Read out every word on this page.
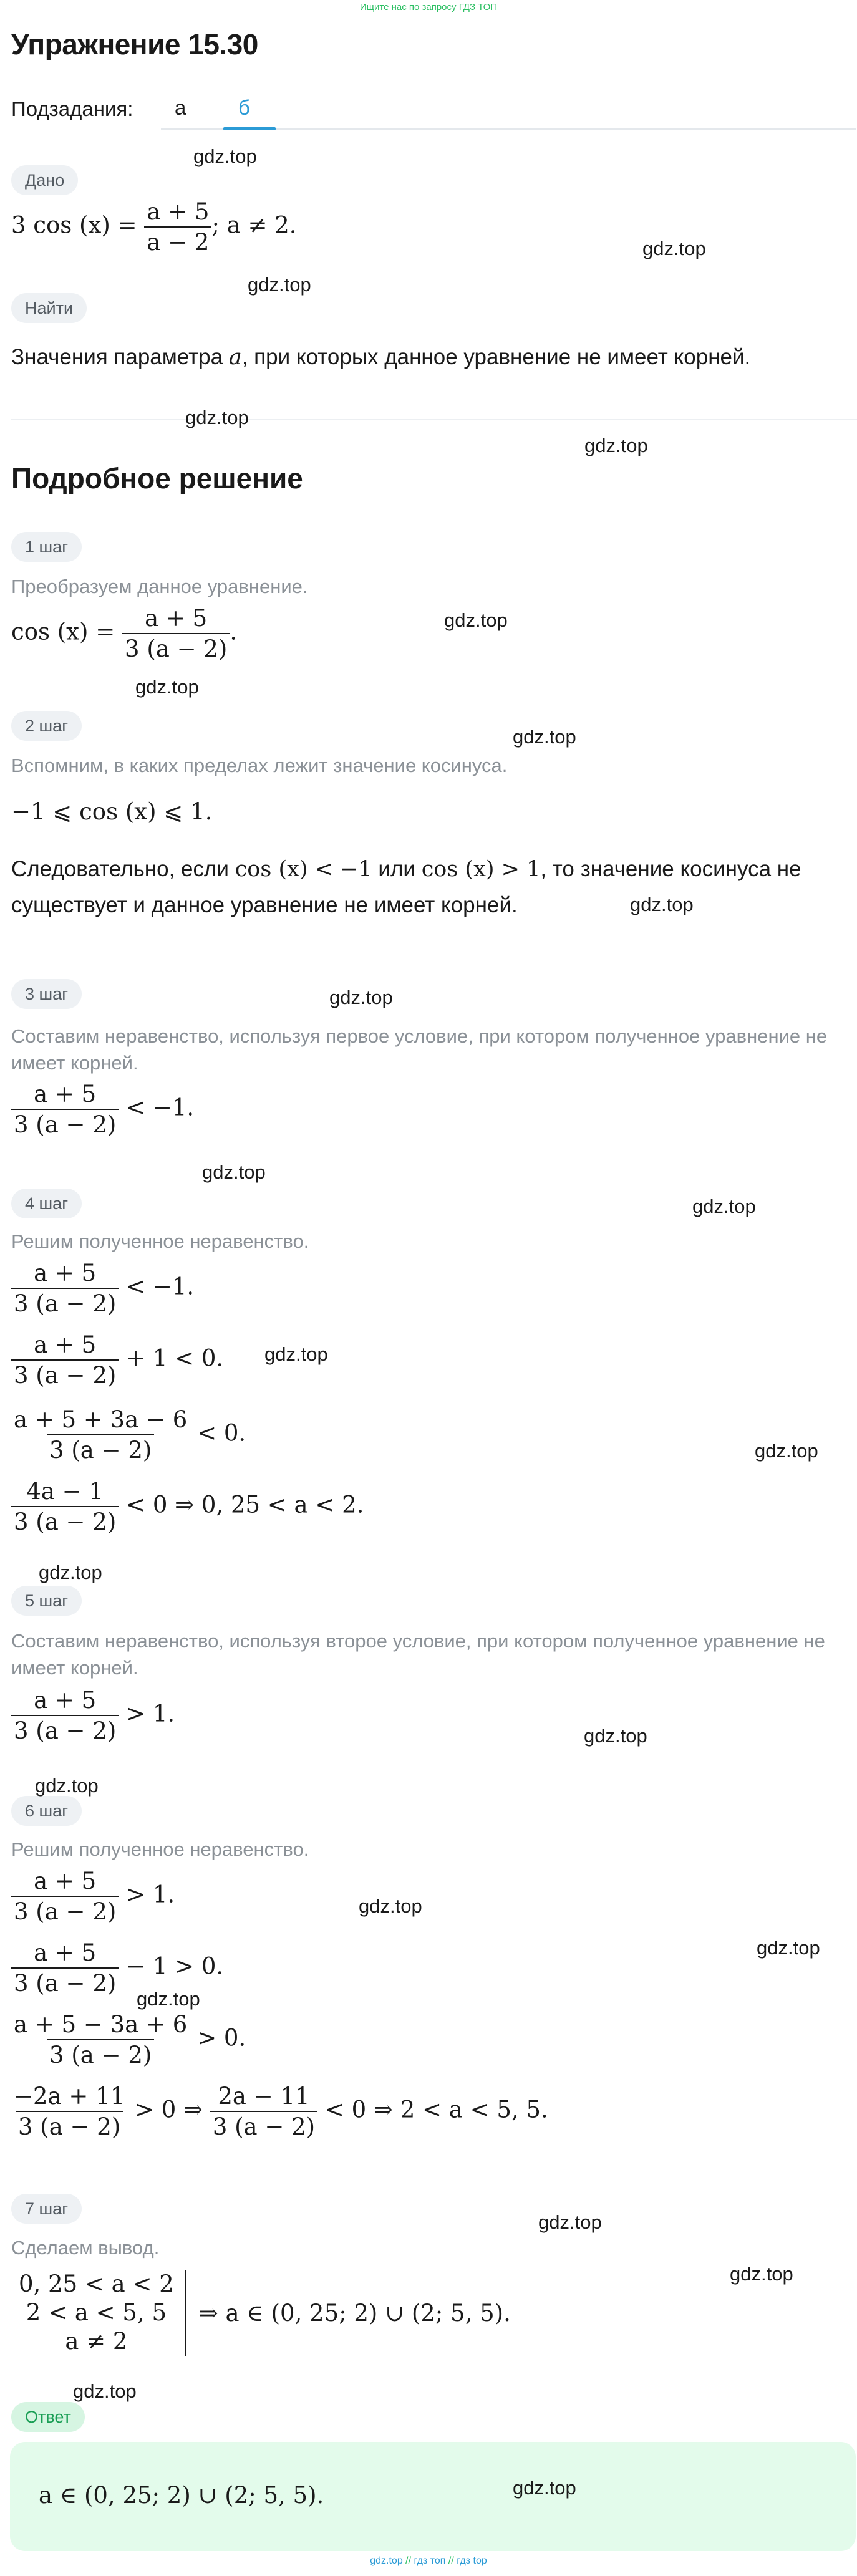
Ищите нас по запросу ГДЗ ТОП
Упражнение 15.30
Подзадания: а	б
Дано
3 $\cos (x) = \frac{a + 5}{a - 2}$ ; a ≠ 2.
Найти
Значения параметра a, при которых данное уравнение не имеет корней.
Подробное решение
1 шаг
Преобразуем данное уравнение.
$\cos (x) = \frac{a + 5}{3 (a - 2)}$ .
2 шаг
Вспомним, в каких пределах лежит значение косинуса.
−1 ⩽ cos (x) ⩽ 1.
Следовательно, если cos (x) < −1 или cos (x) > 1, то значение косинуса не
существует и данное уравнение не имеет корней.
3 шаг
Составим неравенство, используя первое условие, при котором полученное уравнение не имеет корней.
$\frac{a + 5}{3 (a - 2)} < -1$.
4 шаг
Решим полученное неравенство.
$\frac{a + 5}{3 (a - 2)} < -1$.
$\frac{a + 5}{3 (a - 2)} + 1 < 0$.
$\frac{a + 5 + 3a - 6}{3 (a - 2)} < 0$.
$\frac{4a - 1}{3 (a - 2)} < 0$ ⇒ 0, 25 < a < 2.
5 шаг
Составим неравенство, используя второе условие, при котором полученное уравнение не имеет корней.
$\frac{a + 5}{3 (a - 2)} > 1$.
6 шаг
Решим полученное неравенство.
$\frac{a + 5}{3 (a - 2)} > 1$.
$\frac{a + 5}{3 (a - 2)} - 1 > 0$.
$\frac{a + 5 - 3a + 6}{3 (a - 2)} > 0$.
$\frac{-2a + 11}{3 (a - 2)} > 0$ ⇒ $\frac{2a - 11}{3 (a - 2)} < 0$ ⇒ 2 < a < 5, 5.
7 шаг
Сделаем вывод.
0, 25 < a < 2
2 < a < 5, 5
a ≠ 2
⇒ a ∈ (0, 25; 2) ∪ (2; 5, 5).
Ответ
a ∈ (0, 25; 2) ∪ (2; 5, 5).
gdz.top
gdz.top
gdz.top
gdz.top
gdz.top
gdz.top
gdz.top
gdz.top
gdz.top
gdz.top
gdz.top
gdz.top
gdz.top
gdz.top
gdz.top
gdz.top
gdz.top
gdz.top
gdz.top
gdz.top
gdz.top
gdz.top
gdz.top
gdz.top
gdz.top // гдз топ // гдз top
